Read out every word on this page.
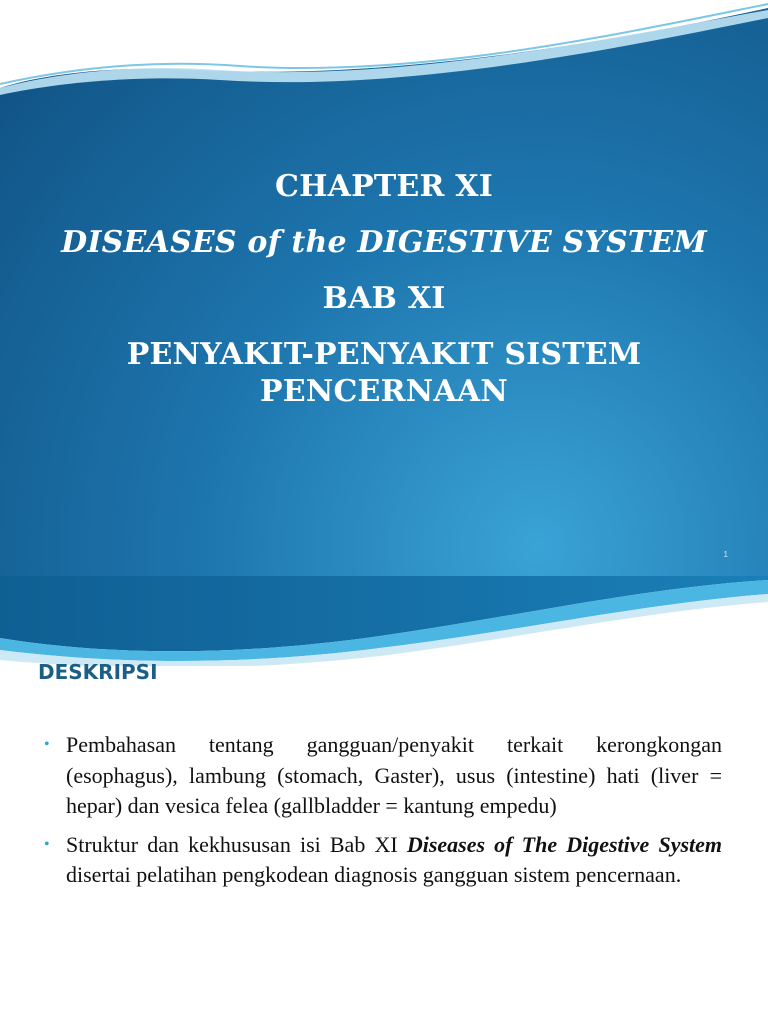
CHAPTER XI
DISEASES of the DIGESTIVE SYSTEM
BAB XI
PENYAKIT-PENYAKIT SISTEM
PENCERNAAN
1
DESKRIPSI
• Pembahasan tentang gangguan/penyakit terkait kerongkongan (esophagus), lambung (stomach, Gaster), usus (intestine) hati (liver = hepar) dan vesica felea (gallbladder = kantung empedu)
• Struktur dan kekhususan isi Bab XI Diseases of The Digestive System disertai pelatihan pengkodean diagnosis gangguan sistem pencernaan.
